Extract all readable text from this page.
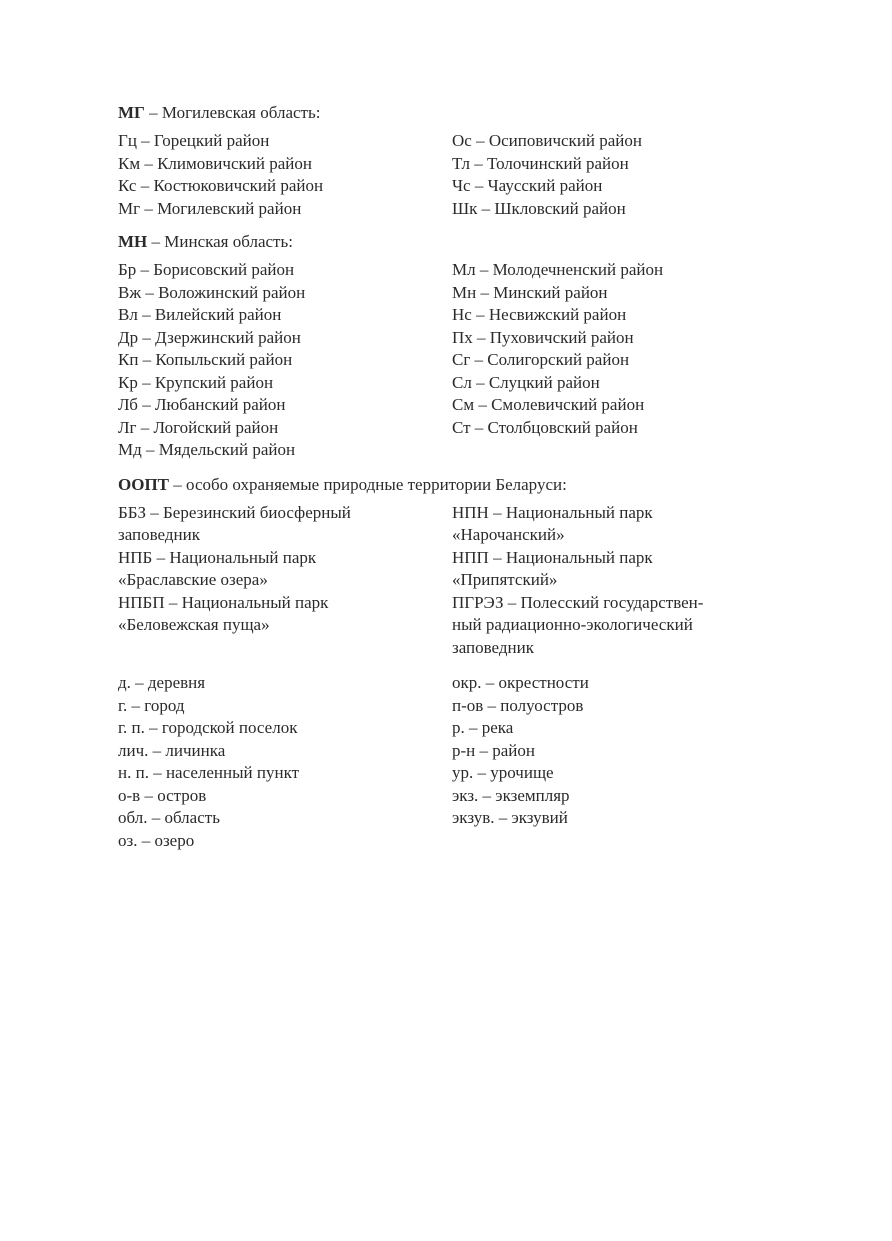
МГ – Могилевская область:
Гц – Горецкий район
Км – Климовичский район
Кс – Костюковичский район
Мг – Могилевский район
Ос – Осиповичский район
Тл – Толочинский район
Чс – Чаусский район
Шк – Шкловский район
МН – Минская область:
Бр – Борисовский район
Вж – Воложинский район
Вл – Вилейский район
Др – Дзержинский район
Кп – Копыльский район
Кр – Крупский район
Лб – Любанский район
Лг – Логойский район
Мд – Мядельский район
Мл – Молодечненский район
Мн – Минский район
Нс – Несвижский район
Пх – Пуховичский район
Сг – Солигорский район
Сл – Слуцкий район
См – Смолевичский район
Ст – Столбцовский район
ООПТ – особо охраняемые природные территории Беларуси:
ББЗ – Березинский биосферный
заповедник
НПБ – Национальный парк
«Браславские озера»
НПБП – Национальный парк
«Беловежская пуща»
НПН – Национальный парк
«Нарочанский»
НПП – Национальный парк
«Припятский»
ПГРЭЗ – Полесский государствен-
ный радиационно-экологический
заповедник
д. – деревня
г. – город
г. п. – городской поселок
лич. – личинка
н. п. – населенный пункт
о-в – остров
обл. – область
оз. – озеро
окр. – окрестности
п-ов – полуостров
р. – река
р-н – район
ур. – урочище
экз. – экземпляр
экзув. – экзувий
